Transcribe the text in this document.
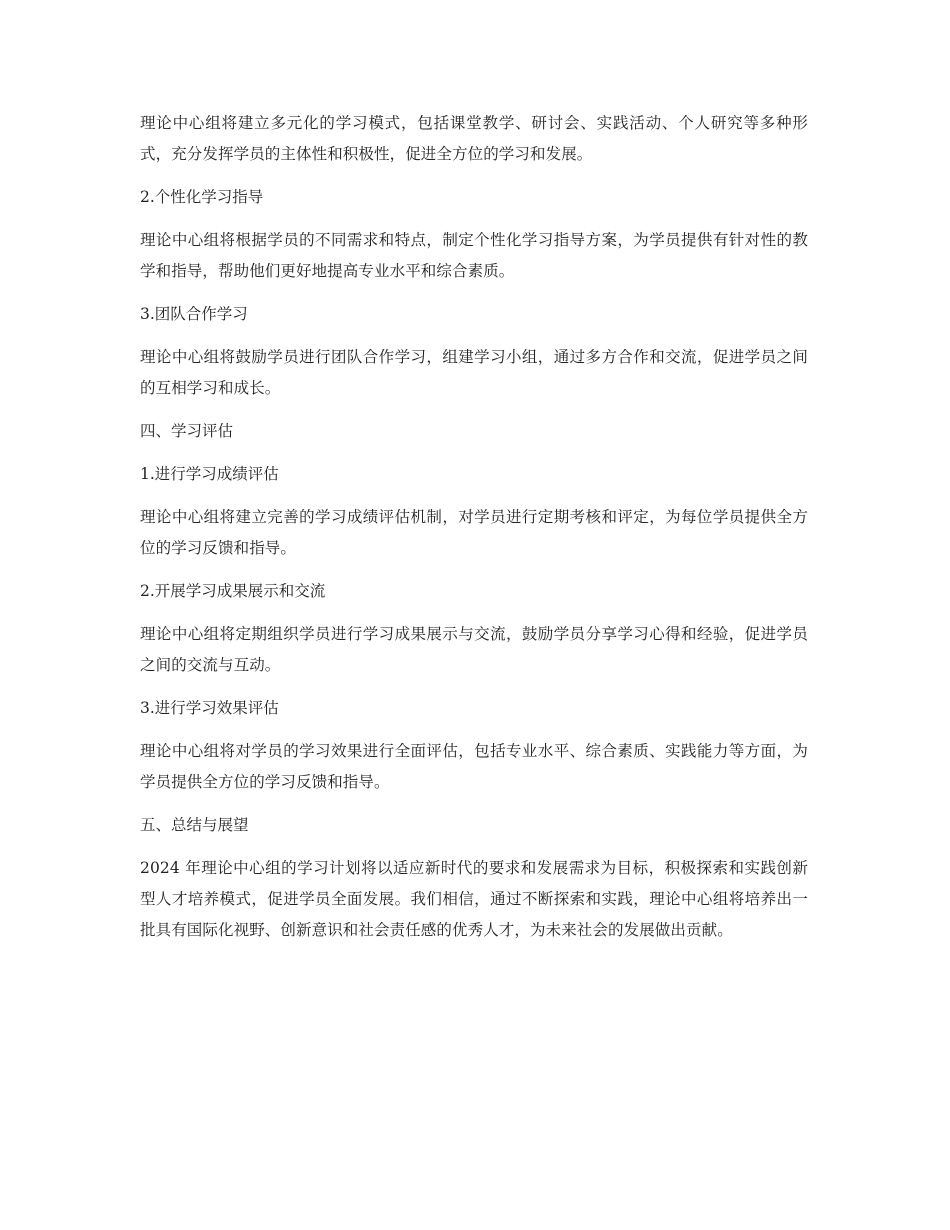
理论中心组将建立多元化的学习模式，包括课堂教学、研讨会、实践活动、个人研究等多种形式，充分发挥学员的主体性和积极性，促进全方位的学习和发展。

2.个性化学习指导

理论中心组将根据学员的不同需求和特点，制定个性化学习指导方案，为学员提供有针对性的教学和指导，帮助他们更好地提高专业水平和综合素质。

3.团队合作学习

理论中心组将鼓励学员进行团队合作学习，组建学习小组，通过多方合作和交流，促进学员之间的互相学习和成长。

四、学习评估

1.进行学习成绩评估

理论中心组将建立完善的学习成绩评估机制，对学员进行定期考核和评定，为每位学员提供全方位的学习反馈和指导。

2.开展学习成果展示和交流

理论中心组将定期组织学员进行学习成果展示与交流，鼓励学员分享学习心得和经验，促进学员之间的交流与互动。

3.进行学习效果评估

理论中心组将对学员的学习效果进行全面评估，包括专业水平、综合素质、实践能力等方面，为学员提供全方位的学习反馈和指导。

五、总结与展望

2024 年理论中心组的学习计划将以适应新时代的要求和发展需求为目标，积极探索和实践创新型人才培养模式，促进学员全面发展。我们相信，通过不断探索和实践，理论中心组将培养出一批具有国际化视野、创新意识和社会责任感的优秀人才，为未来社会的发展做出贡献。
